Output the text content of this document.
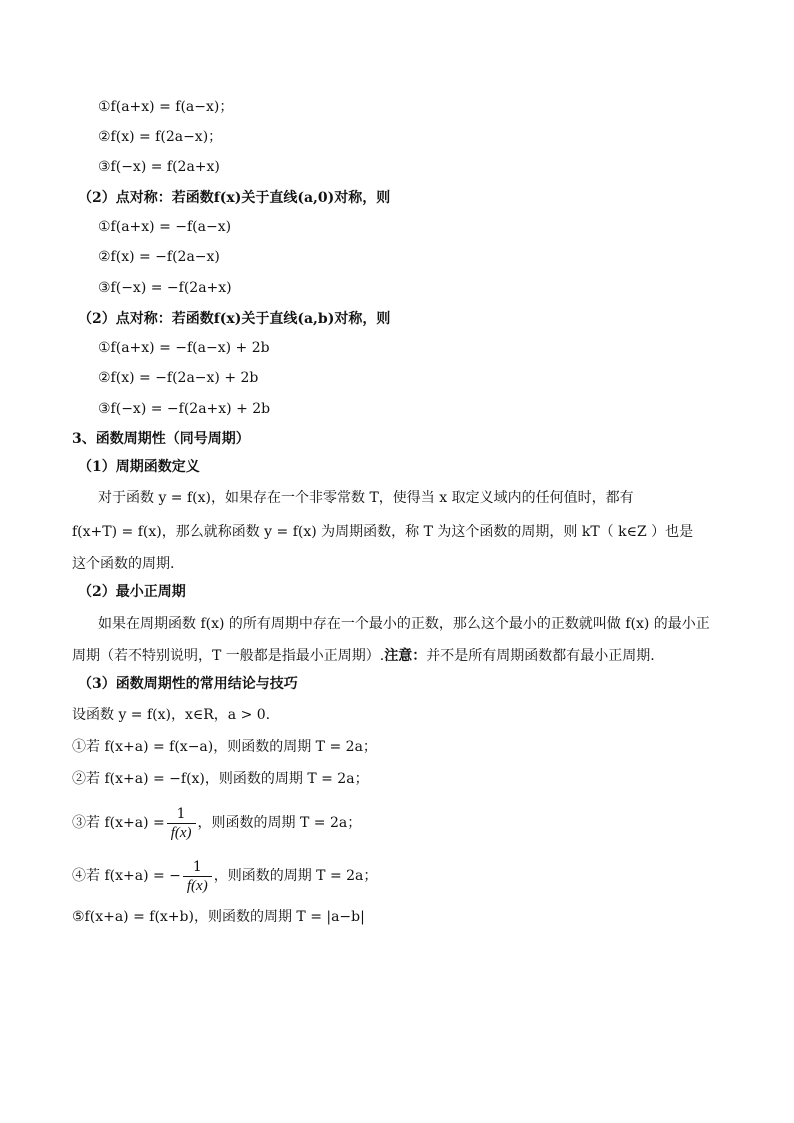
①f(a+x) = f(a−x)；
②f(x) = f(2a−x)；
③f(−x) = f(2a+x)
（2）点对称：若函数f(x)关于直线(a,0)对称，则
①f(a+x) = −f(a−x)
②f(x) = −f(2a−x)
③f(−x) = −f(2a+x)
（2）点对称：若函数f(x)关于直线(a,b)对称，则
①f(a+x) = −f(a−x) + 2b
②f(x) = −f(2a−x) + 2b
③f(−x) = −f(2a+x) + 2b
3、函数周期性（同号周期）
（1）周期函数定义
对于函数 y = f(x)，如果存在一个非零常数 T，使得当 x 取定义域内的任何值时，都有
f(x+T) = f(x)，那么就称函数 y = f(x) 为周期函数，称 T 为这个函数的周期，则 kT（ k∈Z ）也是
这个函数的周期.
（2）最小正周期
如果在周期函数 f(x) 的所有周期中存在一个最小的正数，那么这个最小的正数就叫做 f(x) 的最小正
周期（若不特别说明，T 一般都是指最小正周期）.注意：并不是所有周期函数都有最小正周期.
（3）函数周期性的常用结论与技巧
设函数 y = f(x)，x∈R，a > 0.
①若 f(x+a) = f(x−a)，则函数的周期 T = 2a；
②若 f(x+a) = −f(x)，则函数的周期 T = 2a；
③若 $f(x+a) = \frac{1}{f(x)}$ ，则函数的周期 T = 2a；
④若 f(x+a) = − $\frac{1}{f(x)}$ ，则函数的周期 T = 2a；
⑤f(x+a) = f(x+b)，则函数的周期 T = |a−b|
